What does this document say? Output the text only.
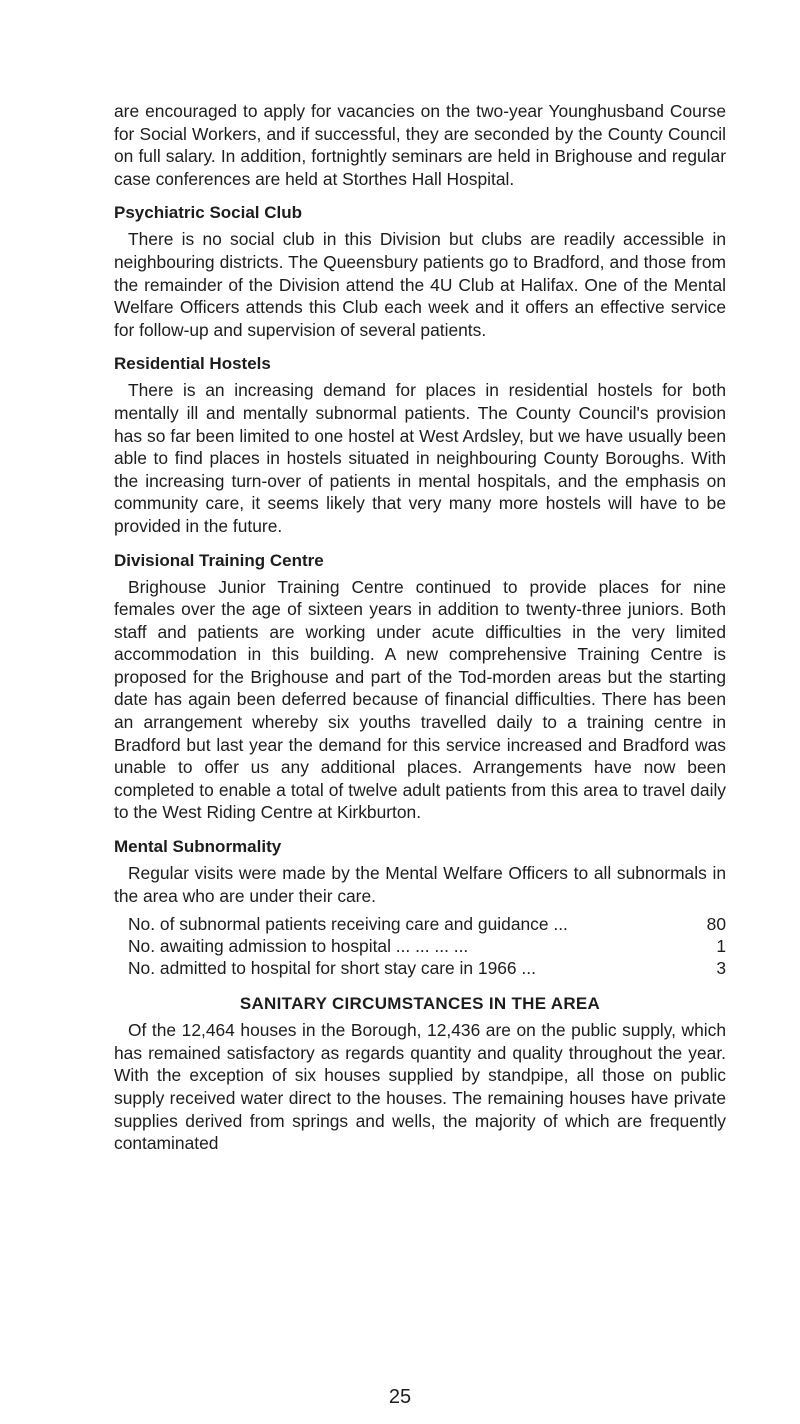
are encouraged to apply for vacancies on the two-year Younghusband Course for Social Workers, and if successful, they are seconded by the County Council on full salary. In addition, fortnightly seminars are held in Brighouse and regular case conferences are held at Storthes Hall Hospital.

Psychiatric Social Club

There is no social club in this Division but clubs are readily accessible in neighbouring districts. The Queensbury patients go to Bradford, and those from the remainder of the Division attend the 4U Club at Halifax. One of the Mental Welfare Officers attends this Club each week and it offers an effective service for follow-up and supervision of several patients.

Residential Hostels

There is an increasing demand for places in residential hostels for both mentally ill and mentally subnormal patients. The County Council's provision has so far been limited to one hostel at West Ardsley, but we have usually been able to find places in hostels situated in neighbouring County Boroughs. With the increasing turn-over of patients in mental hospitals, and the emphasis on community care, it seems likely that very many more hostels will have to be provided in the future.

Divisional Training Centre

Brighouse Junior Training Centre continued to provide places for nine females over the age of sixteen years in addition to twenty-three juniors. Both staff and patients are working under acute difficulties in the very limited accommodation in this building. A new comprehensive Training Centre is proposed for the Brighouse and part of the Tod-morden areas but the starting date has again been deferred because of financial difficulties. There has been an arrangement whereby six youths travelled daily to a training centre in Bradford but last year the demand for this service increased and Bradford was unable to offer us any additional places. Arrangements have now been completed to enable a total of twelve adult patients from this area to travel daily to the West Riding Centre at Kirkburton.

Mental Subnormality

Regular visits were made by the Mental Welfare Officers to all subnormals in the area who are under their care.

No. of subnormal patients receiving care and guidance ...	80
No. awaiting admission to hospital ... ... ... ...	1
No. admitted to hospital for short stay care in 1966 ...	3
SANITARY CIRCUMSTANCES IN THE AREA

Of the 12,464 houses in the Borough, 12,436 are on the public supply, which has remained satisfactory as regards quantity and quality throughout the year. With the exception of six houses supplied by standpipe, all those on public supply received water direct to the houses. The remaining houses have private supplies derived from springs and wells, the majority of which are frequently contaminated

25
